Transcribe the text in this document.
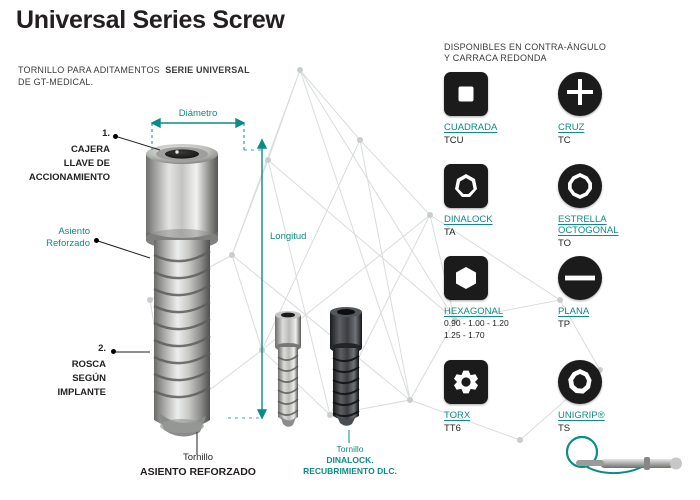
Universal Series Screw
TORNILLO PARA ADITAMENTOS SERIE UNIVERSAL
DE GT-MEDICAL.
1.
CAJERA
LLAVE DE
ACCIONAMIENTO
Asiento
Reforzado
2.
ROSCA
SEGÚN
IMPLANTE
Diámetro
Longitud
Tornillo
ASIENTO REFORZADO
Tornillo
DINALOCK.
RECUBRIMIENTO DLC.
DISPONIBLES EN CONTRA-ÁNGULO
Y CARRACA REDONDA
CUADRADA
TCU
CRUZ
TC
DINALOCK
TA
ESTRELLA OCTOGONAL
TO
HEXAGONAL
0.90 - 1.00 - 1.20
1.25 - 1.70
PLANA
TP
TORX
TT6
UNIGRIP®
TS
